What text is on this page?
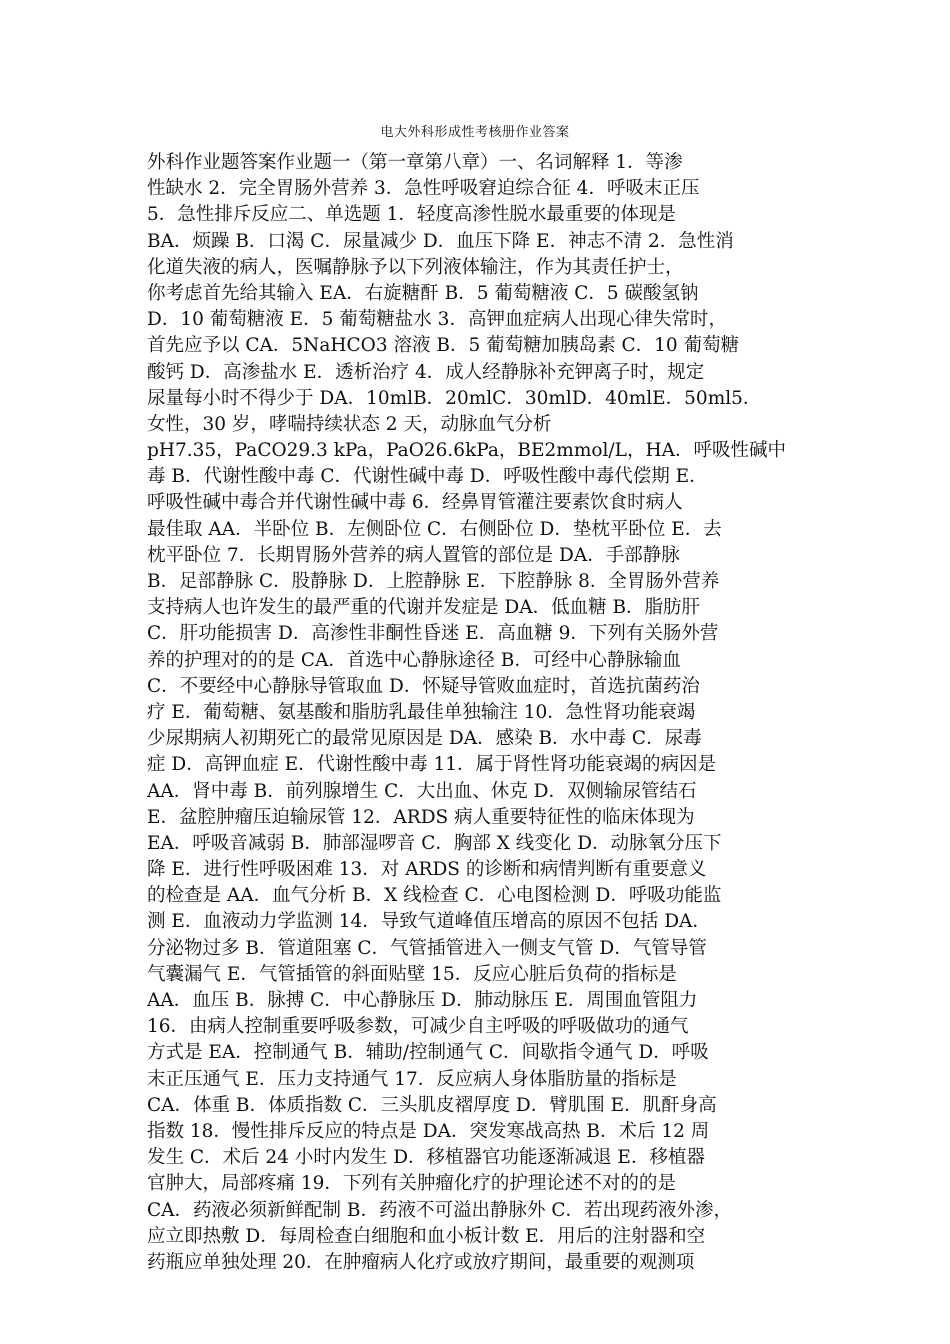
电大外科形成性考核册作业答案
外科作业题答案作业题一（第一章第八章）一、名词解释 1．等渗
性缺水 2．完全胃肠外营养 3．急性呼吸窘迫综合征 4．呼吸末正压
5．急性排斥反应二、单选题 1．轻度高渗性脱水最重要的体现是
BA．烦躁 B．口渴 C．尿量减少 D．血压下降 E．神志不清 2．急性消
化道失液的病人，医嘱静脉予以下列液体输注，作为其责任护士，
你考虑首先给其输入 EA．右旋糖酐 B．5 葡萄糖液 C．5 碳酸氢钠
D．10 葡萄糖液 E．5 葡萄糖盐水 3．高钾血症病人出现心律失常时，
首先应予以 CA．5NaHCO3 溶液 B．5 葡萄糖加胰岛素 C．10 葡萄糖
酸钙 D．高渗盐水 E．透析治疗 4．成人经静脉补充钾离子时，规定
尿量每小时不得少于 DA．10mlB．20mlC．30mlD．40mlE．50ml5．
女性，30 岁，哮喘持续状态 2 天，动脉血气分析
pH7.35，PaCO29.3 kPa，PaO26.6kPa，BE2mmol/L，HA．呼吸性碱中
毒 B．代谢性酸中毒 C．代谢性碱中毒 D．呼吸性酸中毒代偿期 E．
呼吸性碱中毒合并代谢性碱中毒 6．经鼻胃管灌注要素饮食时病人
最佳取 AA．半卧位 B．左侧卧位 C．右侧卧位 D．垫枕平卧位 E．去
枕平卧位 7．长期胃肠外营养的病人置管的部位是 DA．手部静脉
B．足部静脉 C．股静脉 D．上腔静脉 E．下腔静脉 8．全胃肠外营养
支持病人也许发生的最严重的代谢并发症是 DA．低血糖 B．脂肪肝
C．肝功能损害 D．高渗性非酮性昏迷 E．高血糖 9．下列有关肠外营
养的护理对的的是 CA．首选中心静脉途径 B．可经中心静脉输血
C．不要经中心静脉导管取血 D．怀疑导管败血症时，首选抗菌药治
疗 E．葡萄糖、氨基酸和脂肪乳最佳单独输注 10．急性肾功能衰竭
少尿期病人初期死亡的最常见原因是 DA．感染 B．水中毒 C．尿毒
症 D．高钾血症 E．代谢性酸中毒 11．属于肾性肾功能衰竭的病因是
AA．肾中毒 B．前列腺增生 C．大出血、休克 D．双侧输尿管结石
E．盆腔肿瘤压迫输尿管 12．ARDS 病人重要特征性的临床体现为
EA．呼吸音减弱 B．肺部湿啰音 C．胸部 X 线变化 D．动脉氧分压下
降 E．进行性呼吸困难 13．对 ARDS 的诊断和病情判断有重要意义
的检查是 AA．血气分析 B．X 线检查 C．心电图检测 D．呼吸功能监
测 E．血液动力学监测 14．导致气道峰值压增高的原因不包括 DA．
分泌物过多 B．管道阻塞 C．气管插管进入一侧支气管 D．气管导管
气囊漏气 E．气管插管的斜面贴壁 15．反应心脏后负荷的指标是
AA．血压 B．脉搏 C．中心静脉压 D．肺动脉压 E．周围血管阻力
16．由病人控制重要呼吸参数，可减少自主呼吸的呼吸做功的通气
方式是 EA．控制通气 B．辅助/控制通气 C．间歇指令通气 D．呼吸
末正压通气 E．压力支持通气 17．反应病人身体脂肪量的指标是
CA．体重 B．体质指数 C．三头肌皮褶厚度 D．臂肌围 E．肌酐身高
指数 18．慢性排斥反应的特点是 DA．突发寒战高热 B．术后 12 周
发生 C．术后 24 小时内发生 D．移植器官功能逐渐减退 E．移植器
官肿大，局部疼痛 19．下列有关肿瘤化疗的护理论述不对的的是
CA．药液必须新鲜配制 B．药液不可溢出静脉外 C．若出现药液外渗，
应立即热敷 D．每周检查白细胞和血小板计数 E．用后的注射器和空
药瓶应单独处理 20．在肿瘤病人化疗或放疗期间，最重要的观测项
